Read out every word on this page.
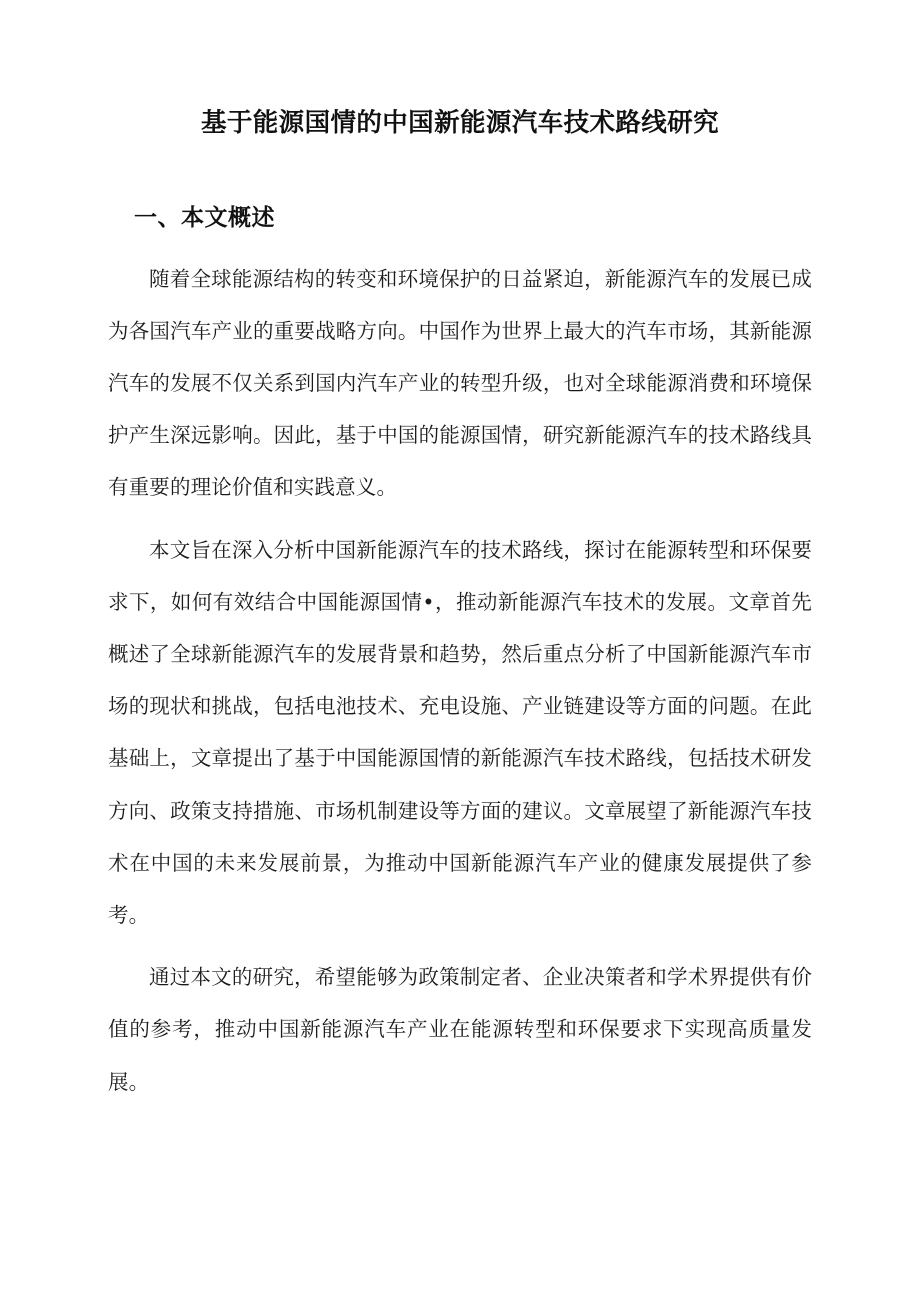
基于能源国情的中国新能源汽车技术路线研究
一、本文概述

随着全球能源结构的转变和环境保护的日益紧迫，新能源汽车的发展已成为各国汽车产业的重要战略方向。中国作为世界上最大的汽车市场，其新能源汽车的发展不仅关系到国内汽车产业的转型升级，也对全球能源消费和环境保护产生深远影响。因此，基于中国的能源国情，研究新能源汽车的技术路线具有重要的理论价值和实践意义。

本文旨在深入分析中国新能源汽车的技术路线，探讨在能源转型和环保要求下，如何有效结合中国能源国情•，推动新能源汽车技术的发展。文章首先概述了全球新能源汽车的发展背景和趋势，然后重点分析了中国新能源汽车市场的现状和挑战，包括电池技术、充电设施、产业链建设等方面的问题。在此基础上，文章提出了基于中国能源国情的新能源汽车技术路线，包括技术研发方向、政策支持措施、市场机制建设等方面的建议。文章展望了新能源汽车技术在中国的未来发展前景，为推动中国新能源汽车产业的健康发展提供了参考。

通过本文的研究，希望能够为政策制定者、企业决策者和学术界提供有价值的参考，推动中国新能源汽车产业在能源转型和环保要求下实现高质量发展。
